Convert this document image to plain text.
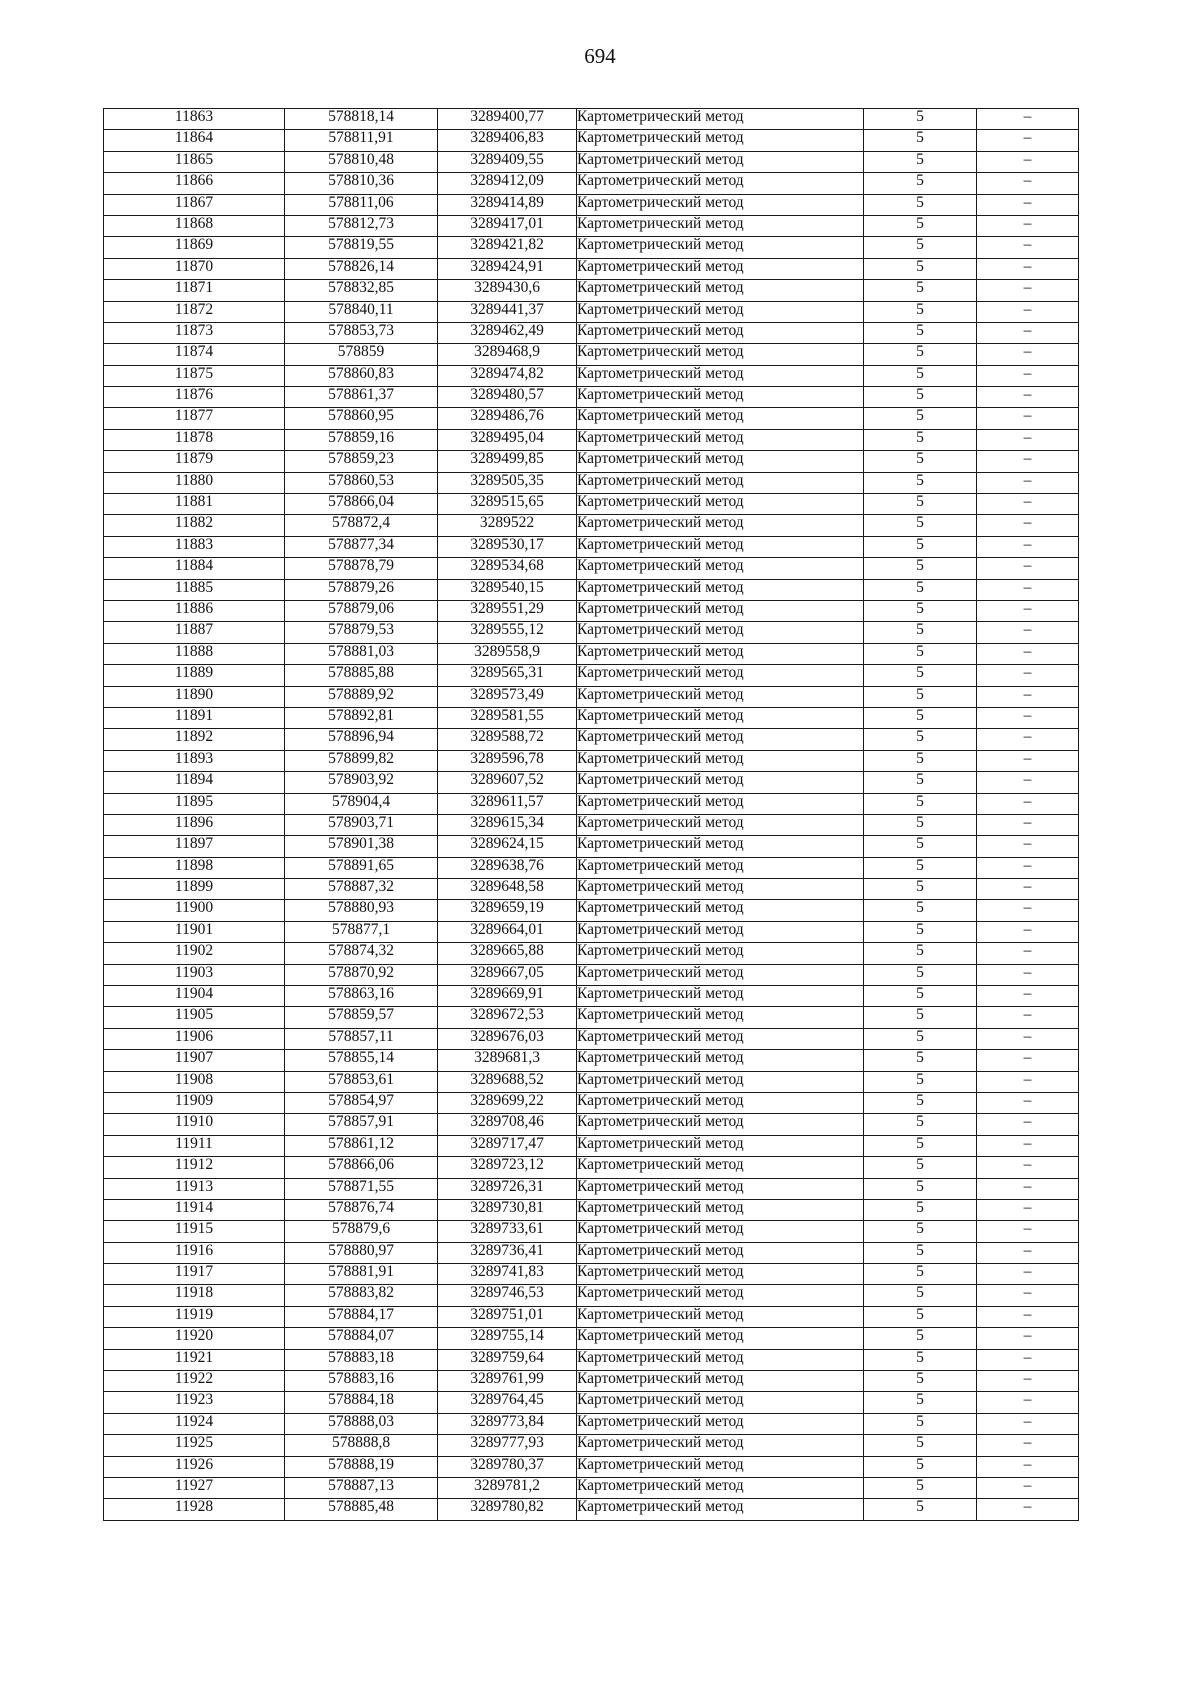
694
11863	578818,14	3289400,77	Картометрический метод	5	–
11864	578811,91	3289406,83	Картометрический метод	5	–
11865	578810,48	3289409,55	Картометрический метод	5	–
11866	578810,36	3289412,09	Картометрический метод	5	–
11867	578811,06	3289414,89	Картометрический метод	5	–
11868	578812,73	3289417,01	Картометрический метод	5	–
11869	578819,55	3289421,82	Картометрический метод	5	–
11870	578826,14	3289424,91	Картометрический метод	5	–
11871	578832,85	3289430,6	Картометрический метод	5	–
11872	578840,11	3289441,37	Картометрический метод	5	–
11873	578853,73	3289462,49	Картометрический метод	5	–
11874	578859	3289468,9	Картометрический метод	5	–
11875	578860,83	3289474,82	Картометрический метод	5	–
11876	578861,37	3289480,57	Картометрический метод	5	–
11877	578860,95	3289486,76	Картометрический метод	5	–
11878	578859,16	3289495,04	Картометрический метод	5	–
11879	578859,23	3289499,85	Картометрический метод	5	–
11880	578860,53	3289505,35	Картометрический метод	5	–
11881	578866,04	3289515,65	Картометрический метод	5	–
11882	578872,4	3289522	Картометрический метод	5	–
11883	578877,34	3289530,17	Картометрический метод	5	–
11884	578878,79	3289534,68	Картометрический метод	5	–
11885	578879,26	3289540,15	Картометрический метод	5	–
11886	578879,06	3289551,29	Картометрический метод	5	–
11887	578879,53	3289555,12	Картометрический метод	5	–
11888	578881,03	3289558,9	Картометрический метод	5	–
11889	578885,88	3289565,31	Картометрический метод	5	–
11890	578889,92	3289573,49	Картометрический метод	5	–
11891	578892,81	3289581,55	Картометрический метод	5	–
11892	578896,94	3289588,72	Картометрический метод	5	–
11893	578899,82	3289596,78	Картометрический метод	5	–
11894	578903,92	3289607,52	Картометрический метод	5	–
11895	578904,4	3289611,57	Картометрический метод	5	–
11896	578903,71	3289615,34	Картометрический метод	5	–
11897	578901,38	3289624,15	Картометрический метод	5	–
11898	578891,65	3289638,76	Картометрический метод	5	–
11899	578887,32	3289648,58	Картометрический метод	5	–
11900	578880,93	3289659,19	Картометрический метод	5	–
11901	578877,1	3289664,01	Картометрический метод	5	–
11902	578874,32	3289665,88	Картометрический метод	5	–
11903	578870,92	3289667,05	Картометрический метод	5	–
11904	578863,16	3289669,91	Картометрический метод	5	–
11905	578859,57	3289672,53	Картометрический метод	5	–
11906	578857,11	3289676,03	Картометрический метод	5	–
11907	578855,14	3289681,3	Картометрический метод	5	–
11908	578853,61	3289688,52	Картометрический метод	5	–
11909	578854,97	3289699,22	Картометрический метод	5	–
11910	578857,91	3289708,46	Картометрический метод	5	–
11911	578861,12	3289717,47	Картометрический метод	5	–
11912	578866,06	3289723,12	Картометрический метод	5	–
11913	578871,55	3289726,31	Картометрический метод	5	–
11914	578876,74	3289730,81	Картометрический метод	5	–
11915	578879,6	3289733,61	Картометрический метод	5	–
11916	578880,97	3289736,41	Картометрический метод	5	–
11917	578881,91	3289741,83	Картометрический метод	5	–
11918	578883,82	3289746,53	Картометрический метод	5	–
11919	578884,17	3289751,01	Картометрический метод	5	–
11920	578884,07	3289755,14	Картометрический метод	5	–
11921	578883,18	3289759,64	Картометрический метод	5	–
11922	578883,16	3289761,99	Картометрический метод	5	–
11923	578884,18	3289764,45	Картометрический метод	5	–
11924	578888,03	3289773,84	Картометрический метод	5	–
11925	578888,8	3289777,93	Картометрический метод	5	–
11926	578888,19	3289780,37	Картометрический метод	5	–
11927	578887,13	3289781,2	Картометрический метод	5	–
11928	578885,48	3289780,82	Картометрический метод	5	–
